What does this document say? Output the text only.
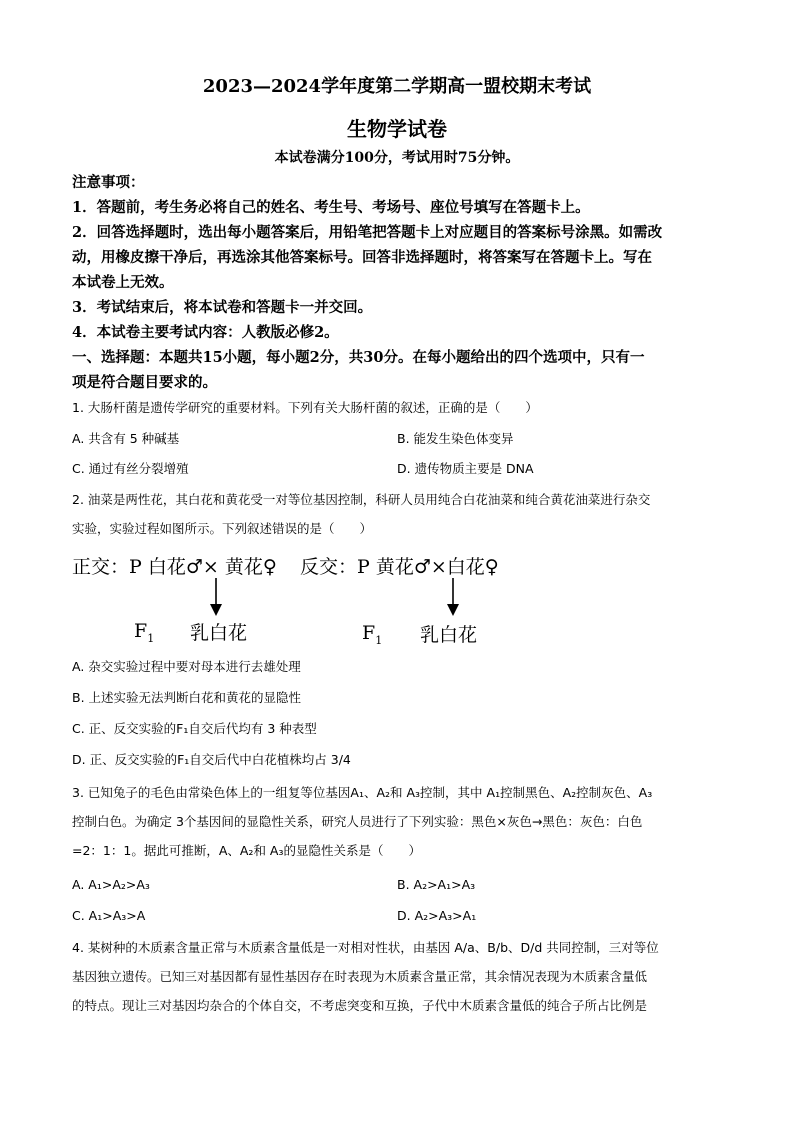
2023—2024学年度第二学期高一盟校期末考试
生物学试卷
本试卷满分100分，考试用时75分钟。
注意事项：
1．答题前，考生务必将自己的姓名、考生号、考场号、座位号填写在答题卡上。
2．回答选择题时，选出每小题答案后，用铅笔把答题卡上对应题目的答案标号涂黑。如需改
动，用橡皮擦干净后，再选涂其他答案标号。回答非选择题时，将答案写在答题卡上。写在
本试卷上无效。
3．考试结束后，将本试卷和答题卡一并交回。
4．本试卷主要考试内容：人教版必修2。
一、选择题：本题共15小题，每小题2分，共30分。在每小题给出的四个选项中，只有一
项是符合题目要求的。
1. 大肠杆菌是遗传学研究的重要材料。下列有关大肠杆菌的叙述，正确的是（　　）
A. 共含有 5 种碱基	B. 能发生染色体变异
C. 通过有丝分裂增殖	D. 遗传物质主要是 DNA
2. 油菜是两性花，其白花和黄花受一对等位基因控制，科研人员用纯合白花油菜和纯合黄花油菜进行杂交
实验，实验过程如图所示。下列叙述错误的是（　　）
正交：P 白花♂× 黄花♀ 反交：P 黄花♂×白花♀
$F_1$ 乳白花	$F_1$ 乳白花
A. 杂交实验过程中要对母本进行去雄处理
B. 上述实验无法判断白花和黄花的显隐性
C. 正、反交实验的F₁自交后代均有 3 种表型
D. 正、反交实验的F₁自交后代中白花植株均占 3/4
3. 已知兔子的毛色由常染色体上的一组复等位基因A₁、A₂和 A₃控制，其中 A₁控制黑色、A₂控制灰色、A₃
控制白色。为确定 3个基因间的显隐性关系，研究人员进行了下列实验：黑色×灰色→黑色：灰色：白色
=2：1：1。据此可推断，A、A₂和 A₃的显隐性关系是（　　）
A. A₁>A₂>A₃	B. A₂>A₁>A₃
C. A₁>A₃>A	D. A₂>A₃>A₁
4. 某树种的木质素含量正常与木质素含量低是一对相对性状，由基因 A/a、B/b、D/d 共同控制，三对等位
基因独立遗传。已知三对基因都有显性基因存在时表现为木质素含量正常，其余情况表现为木质素含量低
的特点。现让三对基因均杂合的个体自交，不考虑突变和互换，子代中木质素含量低的纯合子所占比例是
